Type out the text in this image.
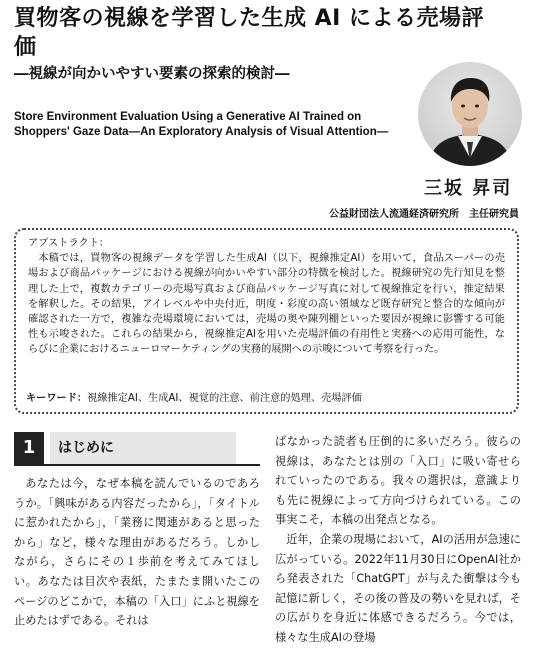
買物客の視線を学習した生成 AI による売場評価
―視線が向かいやすい要素の探索的検討―
Store Environment Evaluation Using a Generative AI Trained on Shoppers' Gaze Data—An Exploratory Analysis of Visual Attention—
三坂 昇司
公益財団法人流通経済研究所　主任研究員
アブストラクト：

本稿では，買物客の視線データを学習した生成AI（以下，視線推定AI）を用いて，食品スーパーの売場および商品パッケージにおける視線が向かいやすい部分の特徴を検討した。視線研究の先行知見を整理した上で，複数カテゴリーの売場写真および商品パッケージ写真に対して視線推定を行い，推定結果を解釈した。その結果，アイレベルや中央付近，明度・彩度の高い領域など既存研究と整合的な傾向が確認された一方で，複雑な売場環境においては，売場の奥や陳列棚といった要因が視線に影響する可能性も示唆された。これらの結果から，視線推定AIを用いた売場評価の有用性と実務への応用可能性，ならびに企業におけるニューロマーケティングの実務的展開への示唆について考察を行った。

キーワード：視線推定AI、生成AI、視覚的注意、前注意的処理、売場評価
1	はじめに

あなたは今，なぜ本稿を読んでいるのであろうか。「興味がある内容だったから」，「タイトルに惹かれたから」，「業務に関連があると思ったから」など，様々な理由があるだろう。しかしながら，さらにその１歩前を考えてみてほしい。あなたは目次や表紙，たまたま開いたこのページのどこかで，本稿の「入口」にふと視線を止めたはずである。それは

ばなかった読者も圧倒的に多いだろう。彼らの視線は，あなたとは別の「入口」に吸い寄せられていったのである。我々の選択は，意識よりも先に視線によって方向づけられている。この事実こそ，本稿の出発点となる。

近年，企業の現場において，AIの活用が急速に広がっている。2022年11月30日にOpenAI社から発表された「ChatGPT」が与えた衝撃は今も記憶に新しく，その後の普及の勢いを見れば，その広がりを身近に体感できるだろう。今では，様々な生成AIの登場
